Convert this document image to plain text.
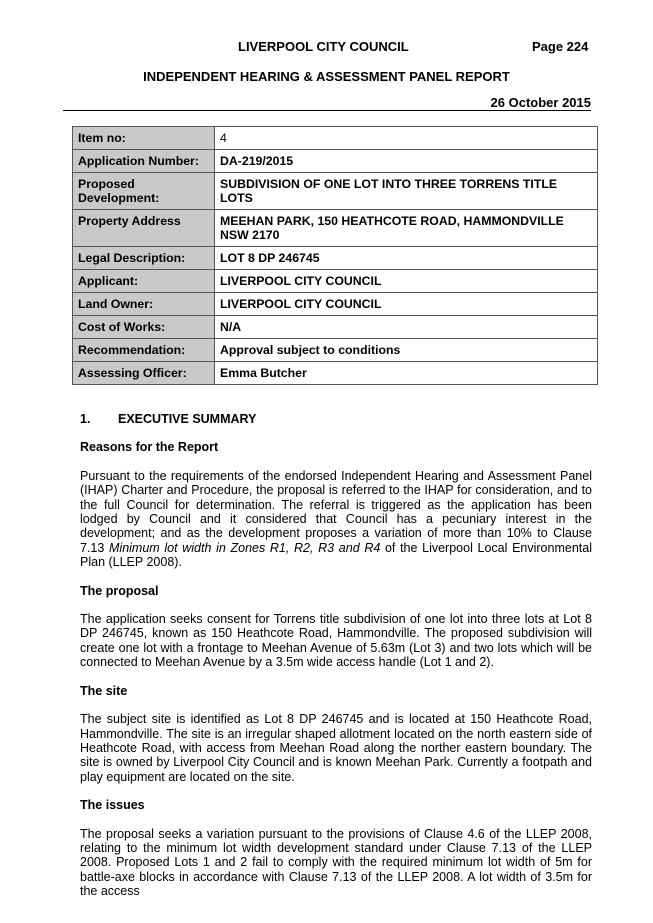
LIVERPOOL CITY COUNCIL	Page 224
INDEPENDENT HEARING & ASSESSMENT PANEL REPORT
26 October 2015
Item no:	4
Application Number:	DA-219/2015
Proposed Development:	SUBDIVISION OF ONE LOT INTO THREE TORRENS TITLE LOTS
Property Address	MEEHAN PARK, 150 HEATHCOTE ROAD, HAMMONDVILLE NSW 2170
Legal Description:	LOT 8 DP 246745
Applicant:	LIVERPOOL CITY COUNCIL
Land Owner:	LIVERPOOL CITY COUNCIL
Cost of Works:	N/A
Recommendation:	Approval subject to conditions
Assessing Officer:	Emma Butcher
1. EXECUTIVE SUMMARY
Reasons for the Report

Pursuant to the requirements of the endorsed Independent Hearing and Assessment Panel (IHAP) Charter and Procedure, the proposal is referred to the IHAP for consideration, and to the full Council for determination. The referral is triggered as the application has been lodged by Council and it considered that Council has a pecuniary interest in the development; and as the development proposes a variation of more than 10% to Clause 7.13 Minimum lot width in Zones R1, R2, R3 and R4 of the Liverpool Local Environmental Plan (LLEP 2008).

The proposal

The application seeks consent for Torrens title subdivision of one lot into three lots at Lot 8 DP 246745, known as 150 Heathcote Road, Hammondville. The proposed subdivision will create one lot with a frontage to Meehan Avenue of 5.63m (Lot 3) and two lots which will be connected to Meehan Avenue by a 3.5m wide access handle (Lot 1 and 2).

The site

The subject site is identified as Lot 8 DP 246745 and is located at 150 Heathcote Road, Hammondville. The site is an irregular shaped allotment located on the north eastern side of Heathcote Road, with access from Meehan Road along the norther eastern boundary. The site is owned by Liverpool City Council and is known Meehan Park. Currently a footpath and play equipment are located on the site.

The issues

The proposal seeks a variation pursuant to the provisions of Clause 4.6 of the LLEP 2008, relating to the minimum lot width development standard under Clause 7.13 of the LLEP 2008. Proposed Lots 1 and 2 fail to comply with the required minimum lot width of 5m for battle-axe blocks in accordance with Clause 7.13 of the LLEP 2008. A lot width of 3.5m for the access
